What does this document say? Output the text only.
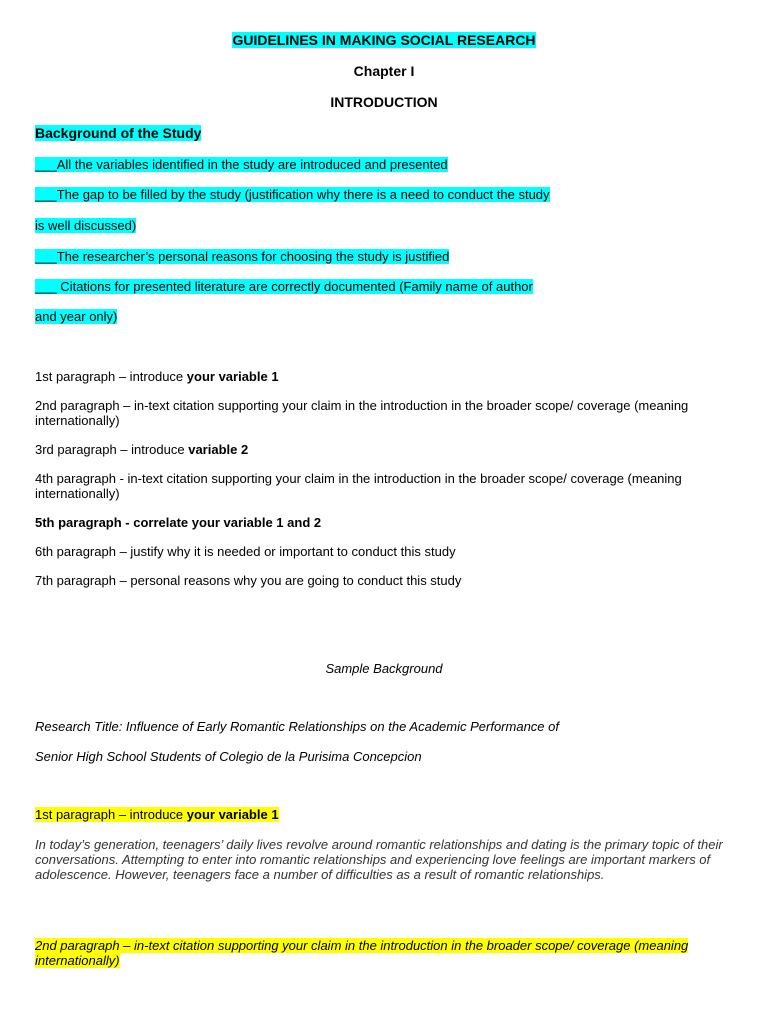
GUIDELINES IN MAKING SOCIAL RESEARCH
Chapter I
INTRODUCTION
Background of the Study
___All the variables identified in the study are introduced and presented
___The gap to be filled by the study (justification why there is a need to conduct the study
is well discussed)
___The researcher’s personal reasons for choosing the study is justified
___ Citations for presented literature are correctly documented (Family name of author
and year only)
1st paragraph – introduce your variable 1
2nd paragraph – in-text citation supporting your claim in the introduction in the broader scope/ coverage (meaning internationally)
3rd paragraph – introduce variable 2
4th paragraph - in-text citation supporting your claim in the introduction in the broader scope/ coverage (meaning internationally)
5th paragraph - correlate your variable 1 and 2
6th paragraph – justify why it is needed or important to conduct this study
7th paragraph – personal reasons why you are going to conduct this study
Sample Background
Research Title: Influence of Early Romantic Relationships on the Academic Performance of
Senior High School Students of Colegio de la Purisima Concepcion
1st paragraph – introduce your variable 1
In today’s generation, teenagers’ daily lives revolve around romantic relationships and dating is the primary topic of their conversations. Attempting to enter into romantic relationships and experiencing love feelings are important markers of adolescence. However, teenagers face a number of difficulties as a result of romantic relationships.
2nd paragraph – in-text citation supporting your claim in the introduction in the broader scope/ coverage (meaning internationally)
